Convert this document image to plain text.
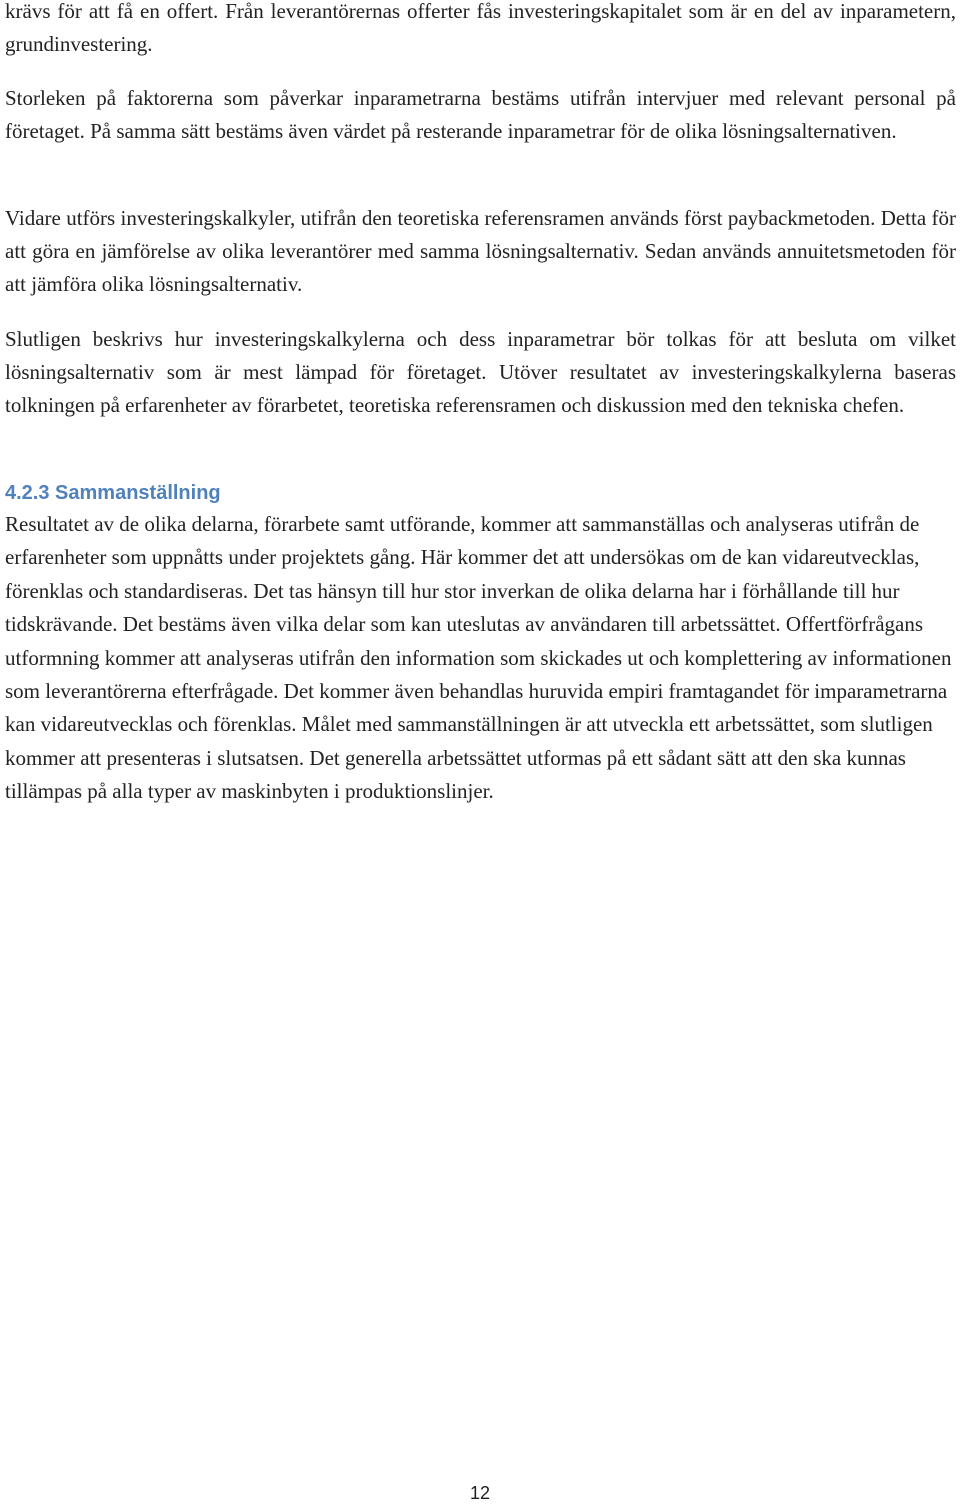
krävs för att få en offert. Från leverantörernas offerter fås investeringskapitalet som är en del av inparametern, grundinvestering.

Storleken på faktorerna som påverkar inparametrarna bestäms utifrån intervjuer med relevant personal på företaget. På samma sätt bestäms även värdet på resterande inparametrar för de olika lösningsalternativen.

Vidare utförs investeringskalkyler, utifrån den teoretiska referensramen används först paybackmetoden. Detta för att göra en jämförelse av olika leverantörer med samma lösningsalternativ. Sedan används annuitetsmetoden för att jämföra olika lösningsalternativ.

Slutligen beskrivs hur investeringskalkylerna och dess inparametrar bör tolkas för att besluta om vilket lösningsalternativ som är mest lämpad för företaget. Utöver resultatet av investeringskalkylerna baseras tolkningen på erfarenheter av förarbetet, teoretiska referensramen och diskussion med den tekniska chefen.

4.2.3 Sammanställning

Resultatet av de olika delarna, förarbete samt utförande, kommer att sammanställas och analyseras utifrån de erfarenheter som uppnåtts under projektets gång. Här kommer det att undersökas om de kan vidareutvecklas, förenklas och standardiseras. Det tas hänsyn till hur stor inverkan de olika delarna har i förhållande till hur tidskrävande. Det bestäms även vilka delar som kan uteslutas av användaren till arbetssättet. Offertförfrågans utformning kommer att analyseras utifrån den information som skickades ut och komplettering av informationen som leverantörerna efterfrågade. Det kommer även behandlas huruvida empiri framtagandet för imparametrarna kan vidareutvecklas och förenklas. Målet med sammanställningen är att utveckla ett arbetssättet, som slutligen kommer att presenteras i slutsatsen. Det generella arbetssättet utformas på ett sådant sätt att den ska kunnas tillämpas på alla typer av maskinbyten i produktionslinjer.

12
